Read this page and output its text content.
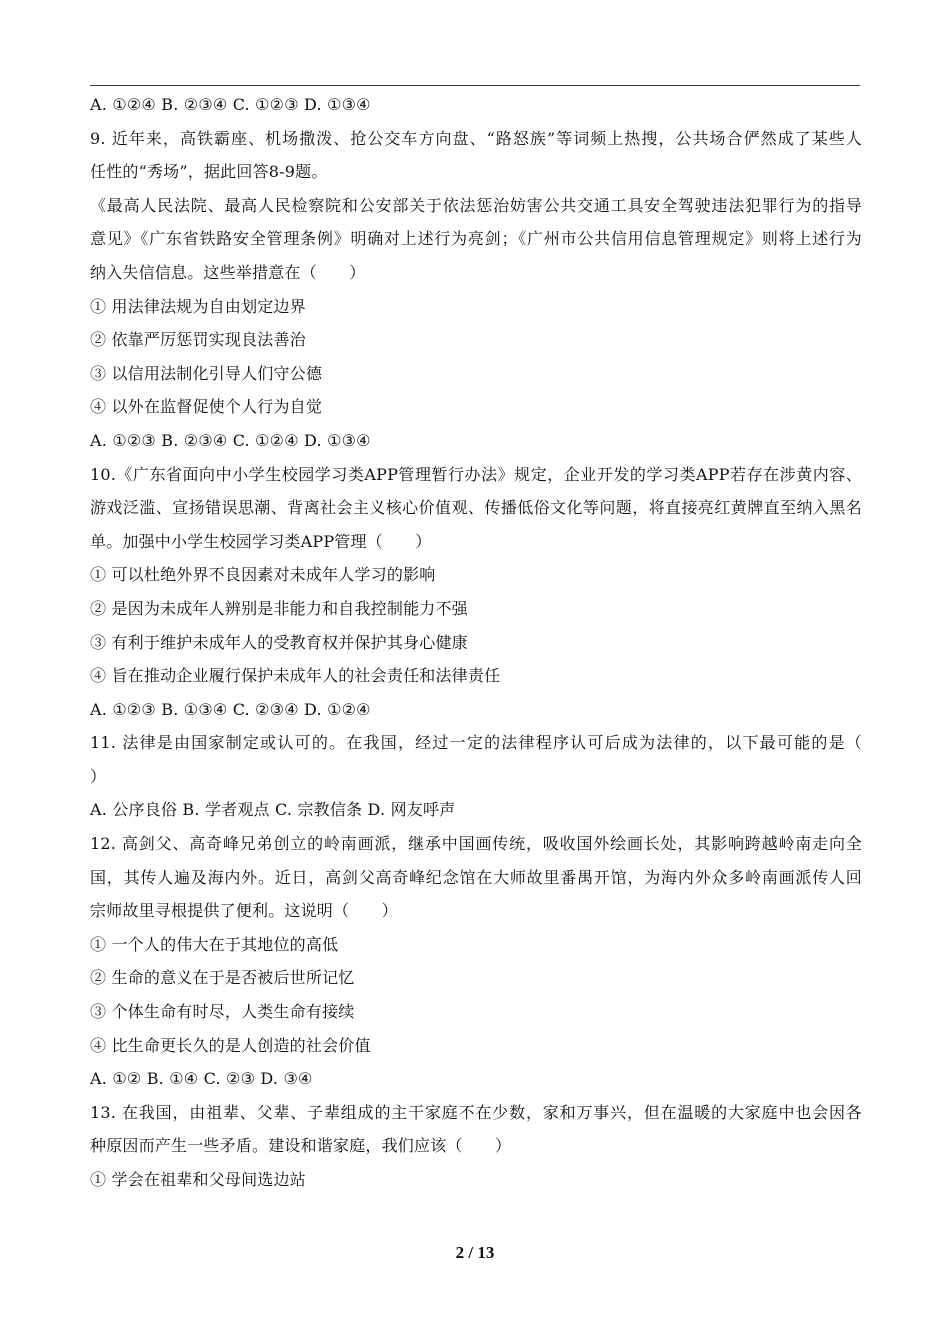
A. ①②④ B. ②③④ C. ①②③ D. ①③④
9. 近年来，高铁霸座、机场撒泼、抢公交车方向盘、“路怒族”等词频上热搜，公共场合俨然成了某些人
任性的“秀场”，据此回答8-9题。
《最高人民法院、最高人民检察院和公安部关于依法惩治妨害公共交通工具安全驾驶违法犯罪行为的指导
意见》《广东省铁路安全管理条例》明确对上述行为亮剑；《广州市公共信用信息管理规定》则将上述行为
纳入失信信息。这些举措意在（　　）
① 用法律法规为自由划定边界
② 依靠严厉惩罚实现良法善治
③ 以信用法制化引导人们守公德
④ 以外在监督促使个人行为自觉
A. ①②③ B. ②③④ C. ①②④ D. ①③④
10.《广东省面向中小学生校园学习类APP管理暂行办法》规定，企业开发的学习类APP若存在涉黄内容、
游戏泛滥、宣扬错误思潮、背离社会主义核心价值观、传播低俗文化等问题，将直接亮红黄牌直至纳入黑名
单。加强中小学生校园学习类APP管理（　　）
① 可以杜绝外界不良因素对未成年人学习的影响
② 是因为未成年人辨别是非能力和自我控制能力不强
③ 有利于维护未成年人的受教育权并保护其身心健康
④ 旨在推动企业履行保护未成年人的社会责任和法律责任
A. ①②③ B. ①③④ C. ②③④ D. ①②④
11. 法律是由国家制定或认可的。在我国，经过一定的法律程序认可后成为法律的，以下最可能的是（
）
A. 公序良俗 B. 学者观点 C. 宗教信条 D. 网友呼声
12. 高剑父、高奇峰兄弟创立的岭南画派，继承中国画传统，吸收国外绘画长处，其影响跨越岭南走向全
国，其传人遍及海内外。近日，高剑父高奇峰纪念馆在大师故里番禺开馆，为海内外众多岭南画派传人回
宗师故里寻根提供了便利。这说明（　　）
① 一个人的伟大在于其地位的高低
② 生命的意义在于是否被后世所记忆
③ 个体生命有时尽，人类生命有接续
④ 比生命更长久的是人创造的社会价值
A. ①② B. ①④ C. ②③ D. ③④
13. 在我国，由祖辈、父辈、子辈组成的主干家庭不在少数，家和万事兴，但在温暖的大家庭中也会因各
种原因而产生一些矛盾。建设和谐家庭，我们应该（　　）
① 学会在祖辈和父母间选边站
2 / 13
